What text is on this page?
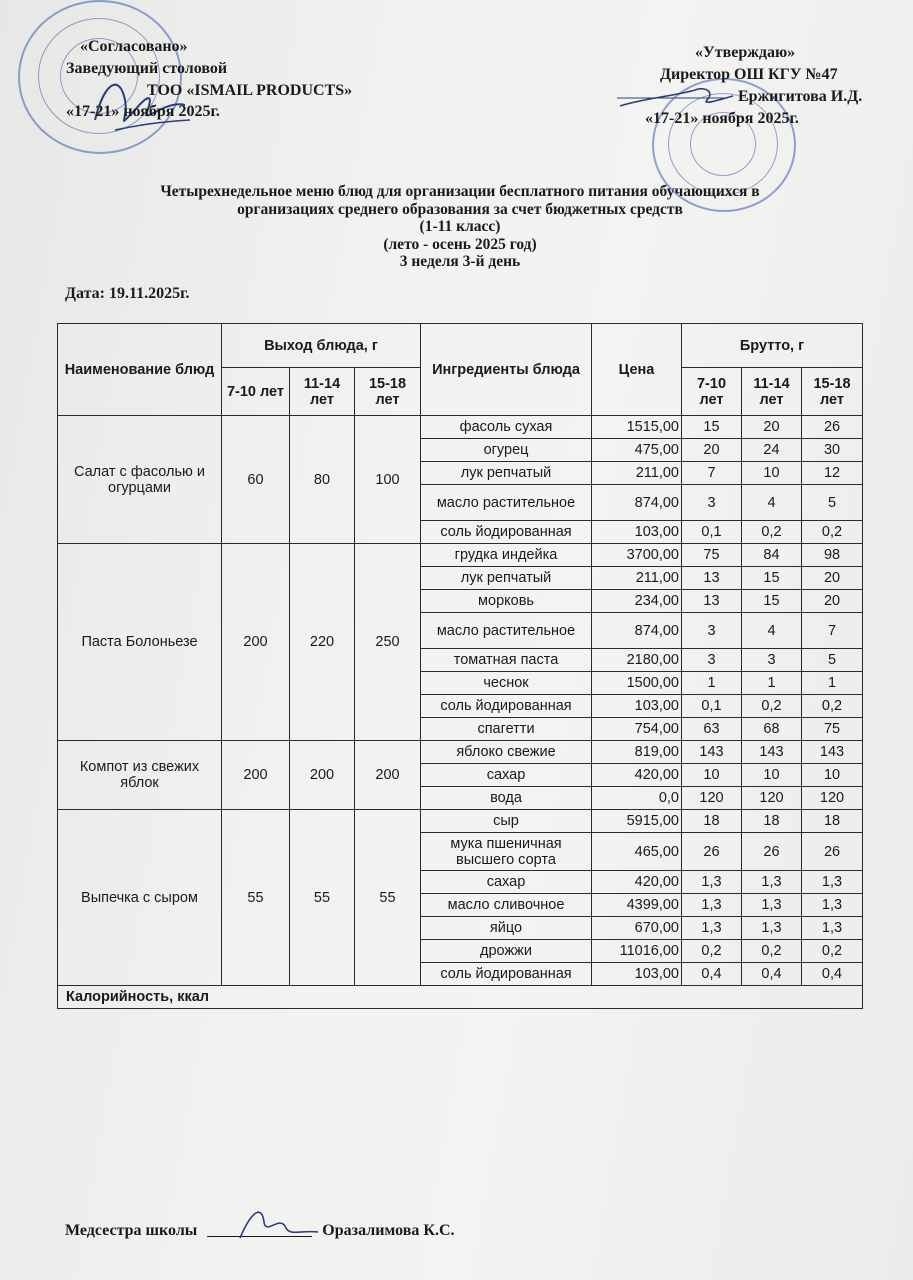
«Согласовано»
Заведующий столовой
ТОО «ISMAIL PRODUCTS»
«17-21» ноября 2025г.
«Утверждаю»
Директор ОШ КГУ №47
Ержигитова И.Д.
«17-21» ноября 2025г.
Четырехнедельное меню блюд для организации бесплатного питания обучающихся в
организациях среднего образования за счет бюджетных средств
(1-11 класс)
(лето - осень 2025 год)
3 неделя 3-й день
Дата: 19.11.2025г.
Наименование блюд	Выход блюда, г			Ингредиенты блюда	Цена	Брутто, г		
	7-10 лет	11-14 лет	15-18 лет			7-10 лет	11-14 лет	15-18 лет
Салат с фасолью и огурцами	60	80	100	фасоль сухая	1515,00	15	20	26
				огурец	475,00	20	24	30
				лук репчатый	211,00	7	10	12
				масло растительное	874,00	3	4	5
				соль йодированная	103,00	0,1	0,2	0,2
Паста Болоньезе	200	220	250	грудка индейка	3700,00	75	84	98
				лук репчатый	211,00	13	15	20
				морковь	234,00	13	15	20
				масло растительное	874,00	3	4	7
				томатная паста	2180,00	3	3	5
				чеснок	1500,00	1	1	1
				соль йодированная	103,00	0,1	0,2	0,2
				спагетти	754,00	63	68	75
Компот из свежих яблок	200	200	200	яблоко свежие	819,00	143	143	143
				сахар	420,00	10	10	10
				вода	0,0	120	120	120
Выпечка с сыром	55	55	55	сыр	5915,00	18	18	18
				мука пшеничная высшего сорта	465,00	26	26	26
				сахар	420,00	1,3	1,3	1,3
				масло сливочное	4399,00	1,3	1,3	1,3
				яйцо	670,00	1,3	1,3	1,3
				дрожжи	11016,00	0,2	0,2	0,2
				соль йодированная	103,00	0,4	0,4	0,4
Калорийность, ккал								
Медсестра школы	Оразалимова К.С.
